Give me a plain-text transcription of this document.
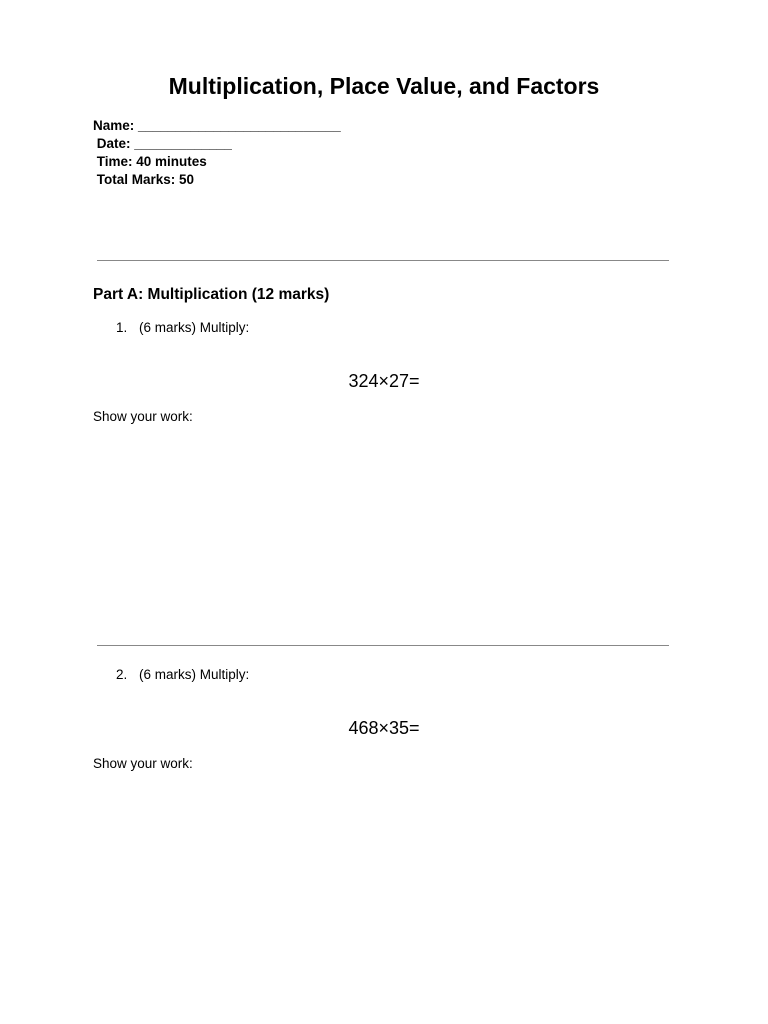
Multiplication, Place Value, and Factors
Name: ___________________________
Date: _____________
Time: 40 minutes
Total Marks: 50
Part A: Multiplication (12 marks)
1. (6 marks) Multiply:
324×27=
Show your work:
2. (6 marks) Multiply:
468×35=
Show your work:
